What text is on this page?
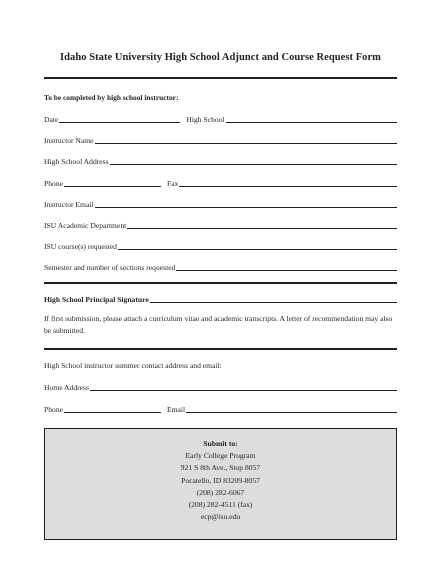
Idaho State University High School Adjunct and Course Request Form
To be completed by high school instructor:
Date	High School
Instructor Name
High School Address
Phone	Fax
Instructor Email
ISU Academic Department
ISU course(s) requested
Semester and number of sections requested
High School Principal Signature
If first submission, please attach a curriculum vitae and academic transcripts. A letter of recommendation may also be submitted.
High School instructor summer contact address and email:
Home Address
Phone	Email
Submit to:
Early College Program
921 S 8th Ave., Stop 8057
Pocatello, ID 83209-8057
(208) 282-6067
(208) 282-4511 (fax)
ecp@isu.edu
